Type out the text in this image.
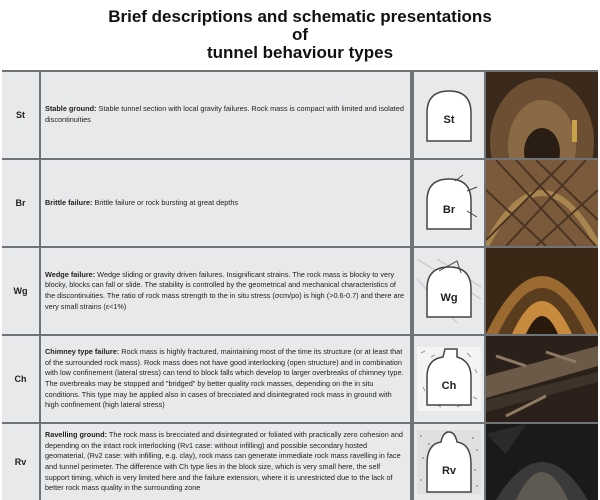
Brief descriptions and schematic presentations
of
tunnel behaviour types
St

Stable ground: Stable tunnel section with local gravity failures. Rock mass is compact with limited and isolated discontinuities	St
Br	Brittle failure: Brittle failure or rock bursting at great depths

Br
Wg

Wedge failure: Wedge sliding or gravity driven failures. Insignificant strains. The rock mass is blocky to very blocky, blocks can fall or slide. The stability is controlled by the geometrical and mechanical characteristics of the discontinuities. The ratio of rock mass strength to the in situ stress (σcm/po) is high (>0.6-0.7) and there are very small strains (ε<1%)

Wg
Ch

Chimney type failure: Rock mass is highly fractured, maintaining most of the time its structure (or at least that of the surrounded rock mass). Rock mass does not have good interlocking (open structure) and in combination with low confinement (lateral stress) can tend to block falls which develop to larger overbreaks of chimney type. The overbreaks may be stopped and "bridged" by better quality rock masses, depending on the in situ conditions. This type may be applied also in cases of brecciated and disintegrated rock mass in ground with high confinement (high lateral stress)

Ch
Rv

Ravelling ground: The rock mass is brecciated and disintegrated or foliated with practically zero cohesion and depending on the intact rock interlocking (Rv1 case: without infilling) and possible secondary hosted geomaterial, (Rv2 case: with infilling, e.g. clay), rock mass can generate immediate rock mass ravelling in face and tunnel perimeter. The difference with Ch type lies in the block size, which is very small here, the self support timing, which is very limited here and the failure extension, where it is unrestricted due to the lack of better rock mass quality in the surrounding zone

Rv
